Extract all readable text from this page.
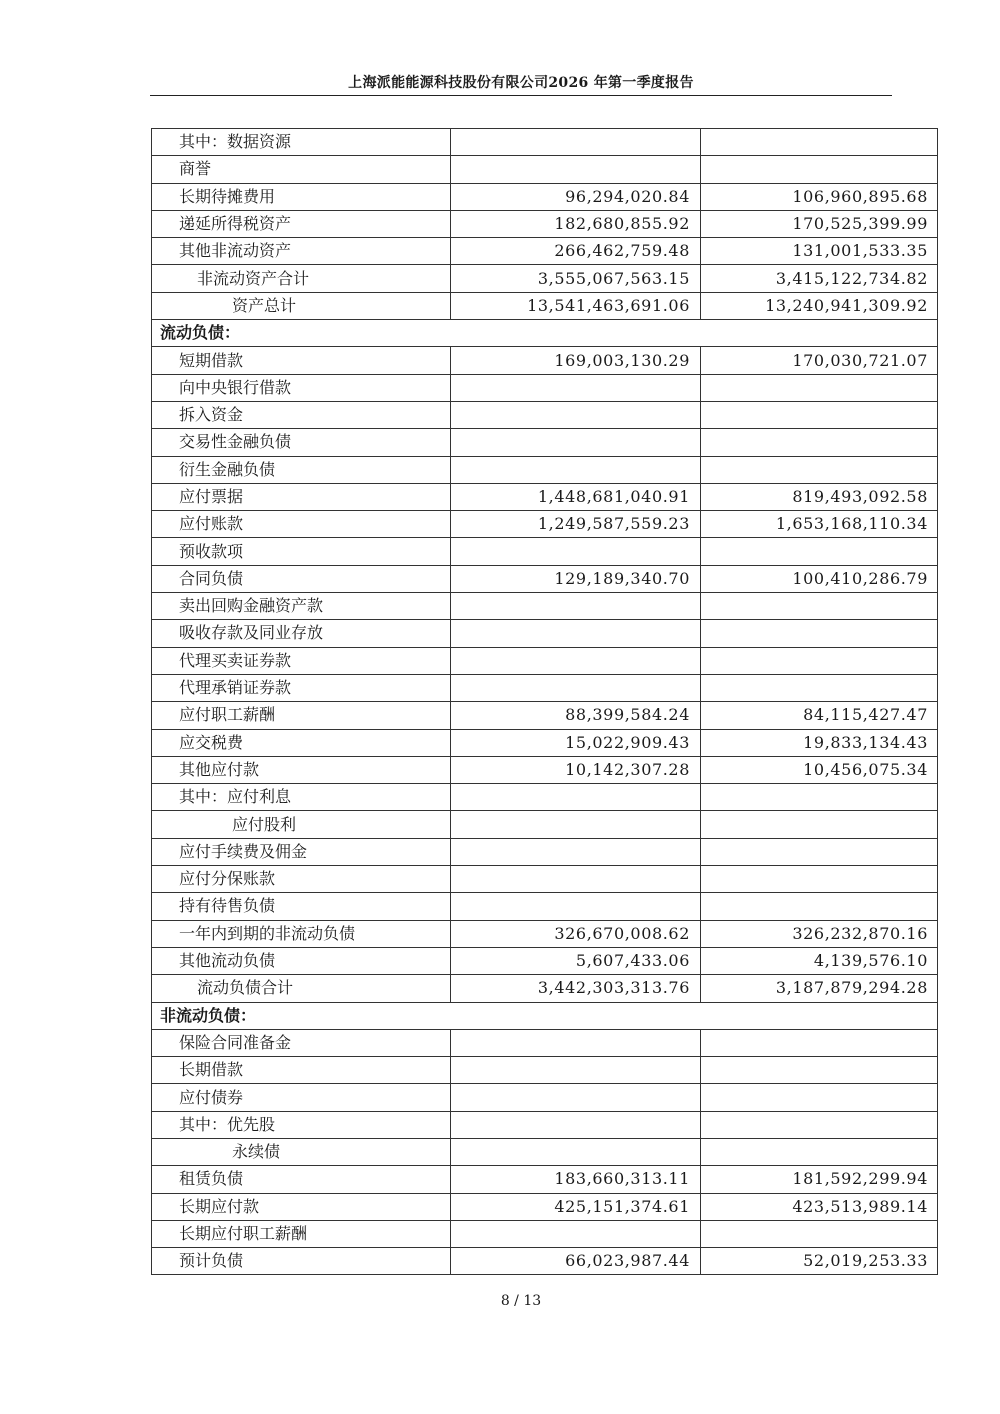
上海派能能源科技股份有限公司2026 年第一季度报告
其中：数据资源		
商誉		
长期待摊费用	96,294,020.84	106,960,895.68
递延所得税资产	182,680,855.92	170,525,399.99
其他非流动资产	266,462,759.48	131,001,533.35
非流动资产合计	3,555,067,563.15	3,415,122,734.82
资产总计	13,541,463,691.06	13,240,941,309.92
流动负债：		
短期借款	169,003,130.29	170,030,721.07
向中央银行借款		
拆入资金		
交易性金融负债		
衍生金融负债		
应付票据	1,448,681,040.91	819,493,092.58
应付账款	1,249,587,559.23	1,653,168,110.34
预收款项		
合同负债	129,189,340.70	100,410,286.79
卖出回购金融资产款		
吸收存款及同业存放		
代理买卖证券款		
代理承销证券款		
应付职工薪酬	88,399,584.24	84,115,427.47
应交税费	15,022,909.43	19,833,134.43
其他应付款	10,142,307.28	10,456,075.34
其中：应付利息		
应付股利		
应付手续费及佣金		
应付分保账款		
持有待售负债		
一年内到期的非流动负债	326,670,008.62	326,232,870.16
其他流动负债	5,607,433.06	4,139,576.10
流动负债合计	3,442,303,313.76	3,187,879,294.28
非流动负债：		
保险合同准备金		
长期借款		
应付债券		
其中：优先股		
永续债		
租赁负债	183,660,313.11	181,592,299.94
长期应付款	425,151,374.61	423,513,989.14
长期应付职工薪酬		
预计负债	66,023,987.44	52,019,253.33
8 / 13
